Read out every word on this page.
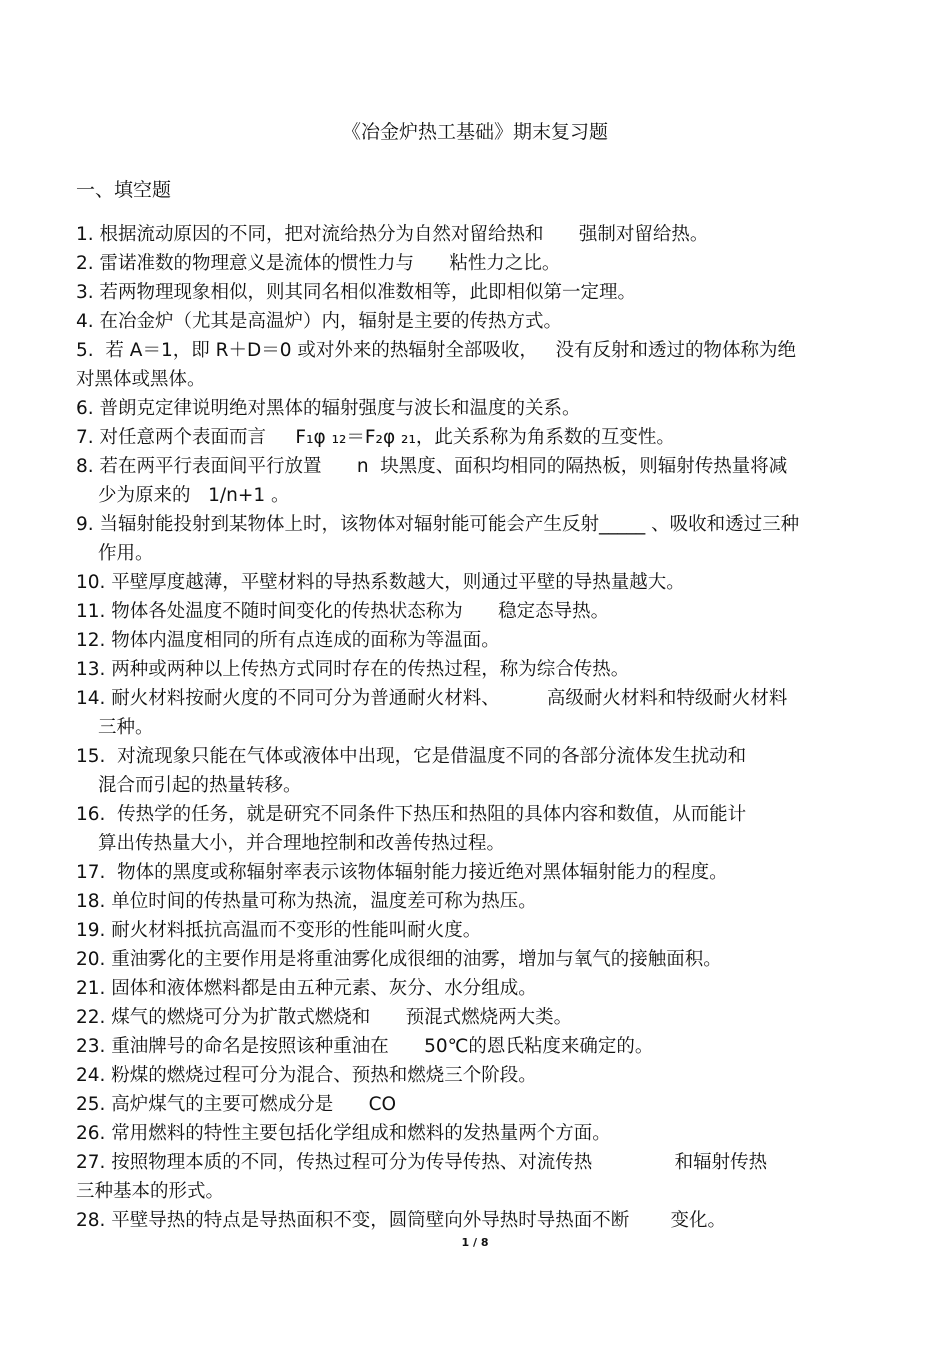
《冶金炉热工基础》期末复习题
一、填空题
1. 根据流动原因的不同，把对流给热分为自然对留给热和      强制对留给热。
2. 雷诺准数的物理意义是流体的惯性力与      粘性力之比。
3. 若两物理现象相似，则其同名相似准数相等，此即相似第一定理。
4. 在冶金炉（尤其是高温炉）内，辐射是主要的传热方式。
5.  若 A＝1，即 R＋D＝0 或对外来的热辐射全部吸收，   没有反射和透过的物体称为绝
对黑体或黑体。
6. 普朗克定律说明绝对黑体的辐射强度与波长和温度的关系。
7. 对任意两个表面而言     F₁φ ₁₂＝F₂φ ₂₁，此关系称为角系数的互变性。
8. 若在两平行表面间平行放置      n  块黑度、面积均相同的隔热板，则辐射传热量将减
少为原来的   1/n+1 。
9. 当辐射能投射到某物体上时，该物体对辐射能可能会产生反射_____ 、吸收和透过三种
作用。
10. 平壁厚度越薄，平壁材料的导热系数越大，则通过平壁的导热量越大。
11. 物体各处温度不随时间变化的传热状态称为      稳定态导热。
12. 物体内温度相同的所有点连成的面称为等温面。
13. 两种或两种以上传热方式同时存在的传热过程，称为综合传热。
14. 耐火材料按耐火度的不同可分为普通耐火材料、        高级耐火材料和特级耐火材料
三种。
15.  对流现象只能在气体或液体中出现，它是借温度不同的各部分流体发生扰动和
混合而引起的热量转移。
16.  传热学的任务，就是研究不同条件下热压和热阻的具体内容和数值，从而能计
算出传热量大小，并合理地控制和改善传热过程。
17.  物体的黑度或称辐射率表示该物体辐射能力接近绝对黑体辐射能力的程度。
18. 单位时间的传热量可称为热流，温度差可称为热压。
19. 耐火材料抵抗高温而不变形的性能叫耐火度。
20. 重油雾化的主要作用是将重油雾化成很细的油雾，增加与氧气的接触面积。
21. 固体和液体燃料都是由五种元素、灰分、水分组成。
22. 煤气的燃烧可分为扩散式燃烧和      预混式燃烧两大类。
23. 重油牌号的命名是按照该种重油在      50℃的恩氏粘度来确定的。
24. 粉煤的燃烧过程可分为混合、预热和燃烧三个阶段。
25. 高炉煤气的主要可燃成分是      CO
26. 常用燃料的特性主要包括化学组成和燃料的发热量两个方面。
27. 按照物理本质的不同，传热过程可分为传导传热、对流传热              和辐射传热
三种基本的形式。
28. 平壁导热的特点是导热面积不变，圆筒壁向外导热时导热面不断       变化。
1 / 8
